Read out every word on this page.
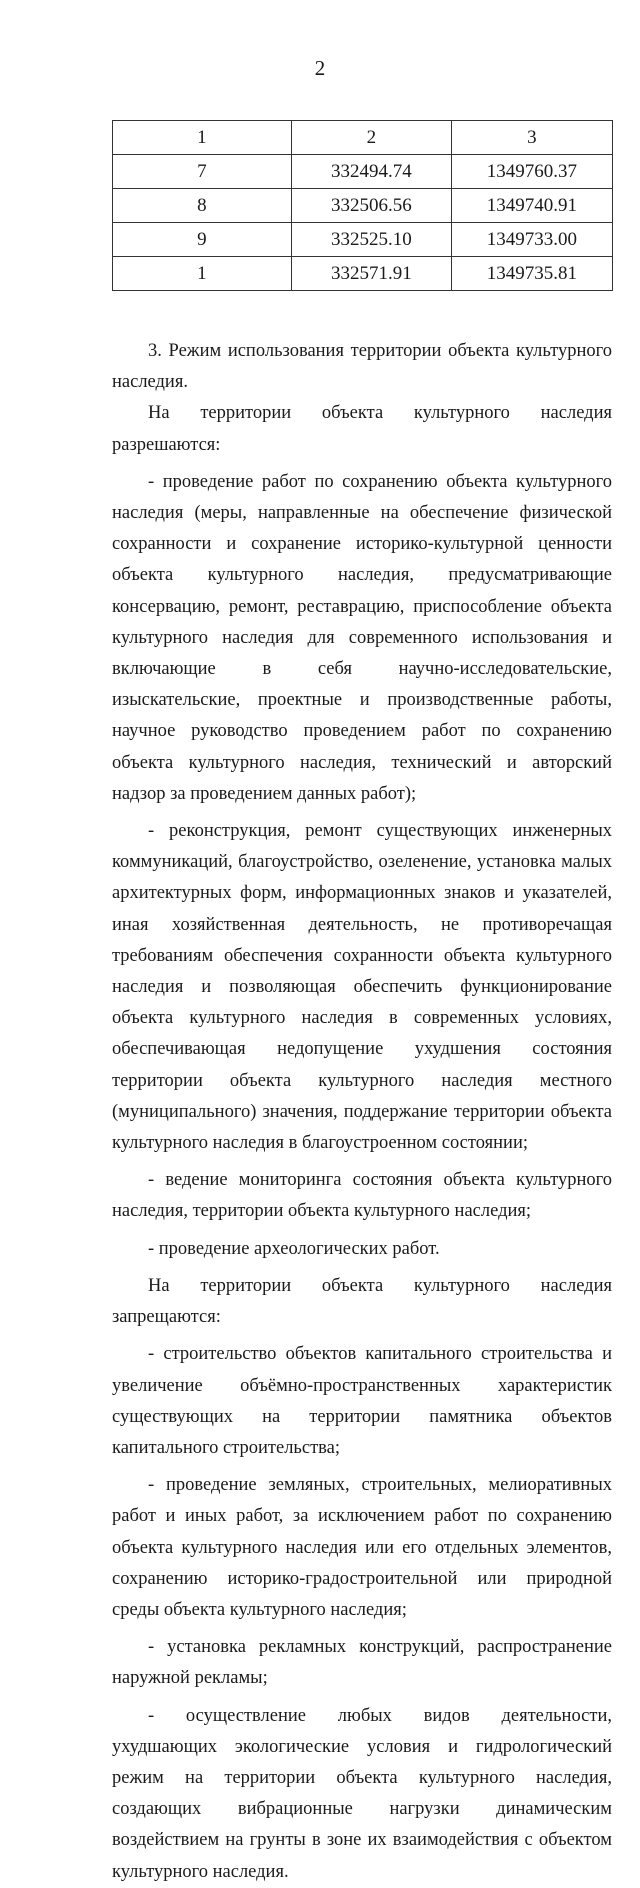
2
1	2	3
7	332494.74	1349760.37
8	332506.56	1349740.91
9	332525.10	1349733.00
1	332571.91	1349735.81

3. Режим использования территории объекта культурного наследия.

На территории объекта культурного наследия разрешаются:

- проведение работ по сохранению объекта культурного наследия (меры, направленные на обеспечение физической сохранности и сохранение историко-культурной ценности объекта культурного наследия, предусматривающие консервацию, ремонт, реставрацию, приспособление объекта культурного наследия для современного использования и включающие в себя научно-исследовательские, изыскательские, проектные и производственные работы, научное руководство проведением работ по сохранению объекта культурного наследия, технический и авторский надзор за проведением данных работ);

- реконструкция, ремонт существующих инженерных коммуникаций, благоустройство, озеленение, установка малых архитектурных форм, информационных знаков и указателей, иная хозяйственная деятельность, не противоречащая требованиям обеспечения сохранности объекта культурного наследия и позволяющая обеспечить функционирование объекта культурного наследия в современных условиях, обеспечивающая недопущение ухудшения состояния территории объекта культурного наследия местного (муниципального) значения, поддержание территории объекта культурного наследия в благоустроенном состоянии;

- ведение мониторинга состояния объекта культурного наследия, территории объекта культурного наследия;

- проведение археологических работ.

На территории объекта культурного наследия запрещаются:

- строительство объектов капитального строительства и увеличение объёмно-пространственных характеристик существующих на территории памятника объектов капитального строительства;

- проведение земляных, строительных, мелиоративных работ и иных работ, за исключением работ по сохранению объекта культурного наследия или его отдельных элементов, сохранению историко-градостроительной или природной среды объекта культурного наследия;

- установка рекламных конструкций, распространение наружной рекламы;

- осуществление любых видов деятельности, ухудшающих экологические условия и гидрологический режим на территории объекта культурного наследия, создающих вибрационные нагрузки динамическим воздействием на грунты в зоне их взаимодействия с объектом культурного наследия.
